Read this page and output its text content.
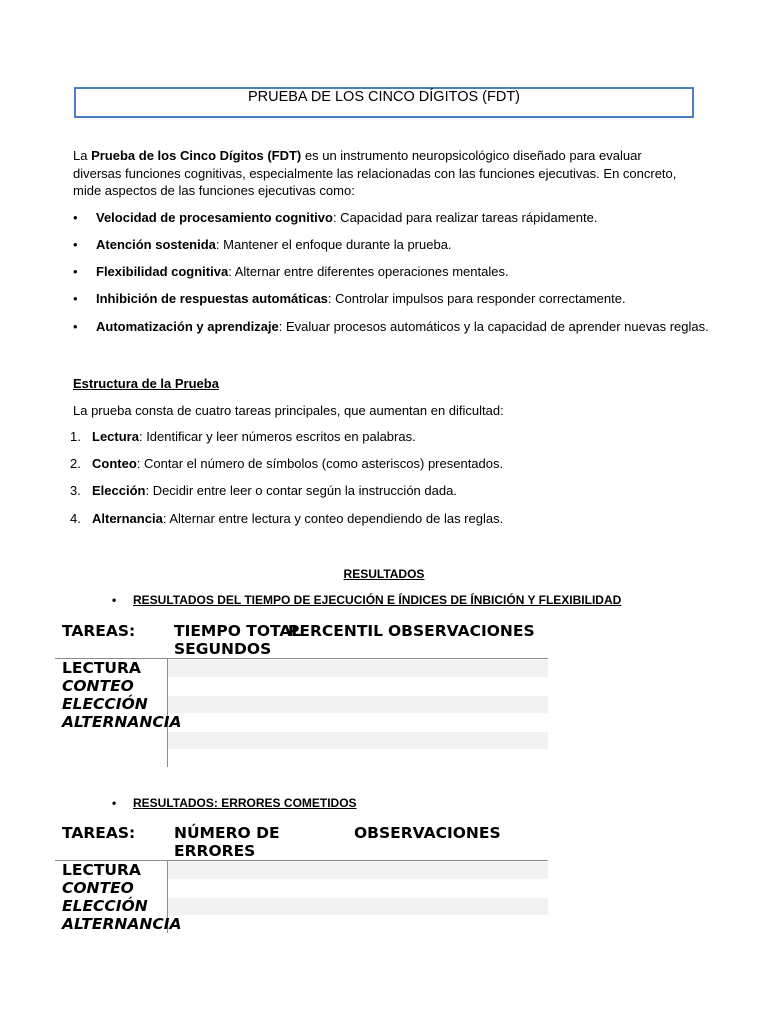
PRUEBA DE LOS CINCO DÍGITOS (FDT)
La Prueba de los Cinco Dígitos (FDT) es un instrumento neuropsicológico diseñado para evaluar diversas funciones cognitivas, especialmente las relacionadas con las funciones ejecutivas. En concreto, mide aspectos de las funciones ejecutivas como:
• Velocidad de procesamiento cognitivo: Capacidad para realizar tareas rápidamente.
• Atención sostenida: Mantener el enfoque durante la prueba.
• Flexibilidad cognitiva: Alternar entre diferentes operaciones mentales.
• Inhibición de respuestas automáticas: Controlar impulsos para responder correctamente.
• Automatización y aprendizaje: Evaluar procesos automáticos y la capacidad de aprender nuevas reglas.
Estructura de la Prueba
La prueba consta de cuatro tareas principales, que aumentan en dificultad:
1. Lectura: Identificar y leer números escritos en palabras.
2. Conteo: Contar el número de símbolos (como asteriscos) presentados.
3. Elección: Decidir entre leer o contar según la instrucción dada.
4. Alternancia: Alternar entre lectura y conteo dependiendo de las reglas.
RESULTADOS
• RESULTADOS DEL TIEMPO DE EJECUCIÓN E ÍNDICES DE ÍNBICIÓN Y FLEXIBILIDAD
TAREAS:	TIEMPO TOTAL
SEGUNDOS
PERCENTIL OBSERVACIONES
LECTURA
CONTEO
ELECCIÓN
ALTERNANCIA
• RESULTADOS: ERRORES COMETIDOS
TAREAS:	NÚMERO DE
ERRORES
OBSERVACIONES
LECTURA
CONTEO
ELECCIÓN
ALTERNANCIA
